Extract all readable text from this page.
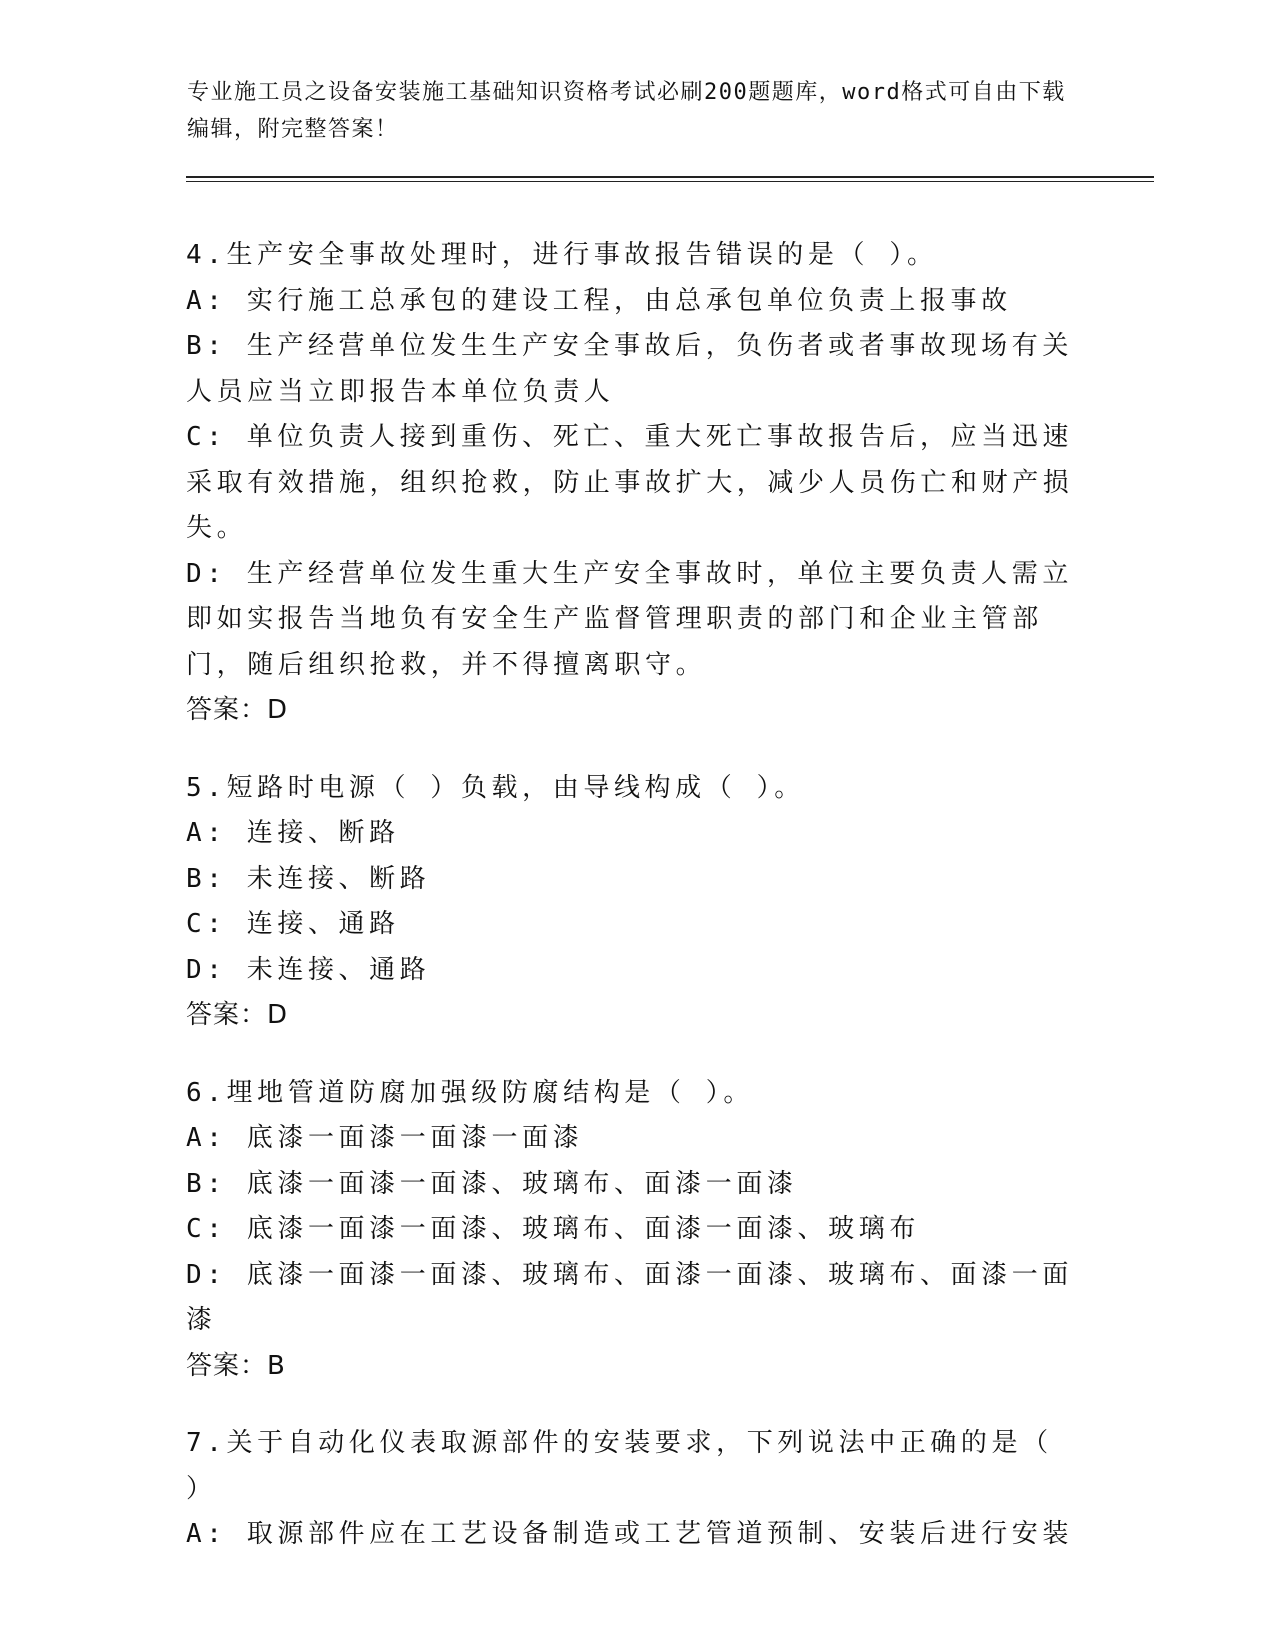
专业施工员之设备安装施工基础知识资格考试必刷200题题库，word格式可自由下载编辑，附完整答案！
4.生产安全事故处理时，进行事故报告错误的是（ ）。
A: 实行施工总承包的建设工程，由总承包单位负责上报事故
B: 生产经营单位发生生产安全事故后，负伤者或者事故现场有关人员应当立即报告本单位负责人
C: 单位负责人接到重伤、死亡、重大死亡事故报告后，应当迅速采取有效措施，组织抢救，防止事故扩大，减少人员伤亡和财产损失。
D: 生产经营单位发生重大生产安全事故时，单位主要负责人需立即如实报告当地负有安全生产监督管理职责的部门和企业主管部门，随后组织抢救，并不得擅离职守。
答案：D
5.短路时电源（ ）负载，由导线构成（ ）。
A: 连接、断路
B: 未连接、断路
C: 连接、通路
D: 未连接、通路
答案：D
6.埋地管道防腐加强级防腐结构是（ ）。
A: 底漆一面漆一面漆一面漆
B: 底漆一面漆一面漆、玻璃布、面漆一面漆
C: 底漆一面漆一面漆、玻璃布、面漆一面漆、玻璃布
D: 底漆一面漆一面漆、玻璃布、面漆一面漆、玻璃布、面漆一面漆
答案：B
7.关于自动化仪表取源部件的安装要求，下列说法中正确的是（ ）
A: 取源部件应在工艺设备制造或工艺管道预制、安装后进行安装
